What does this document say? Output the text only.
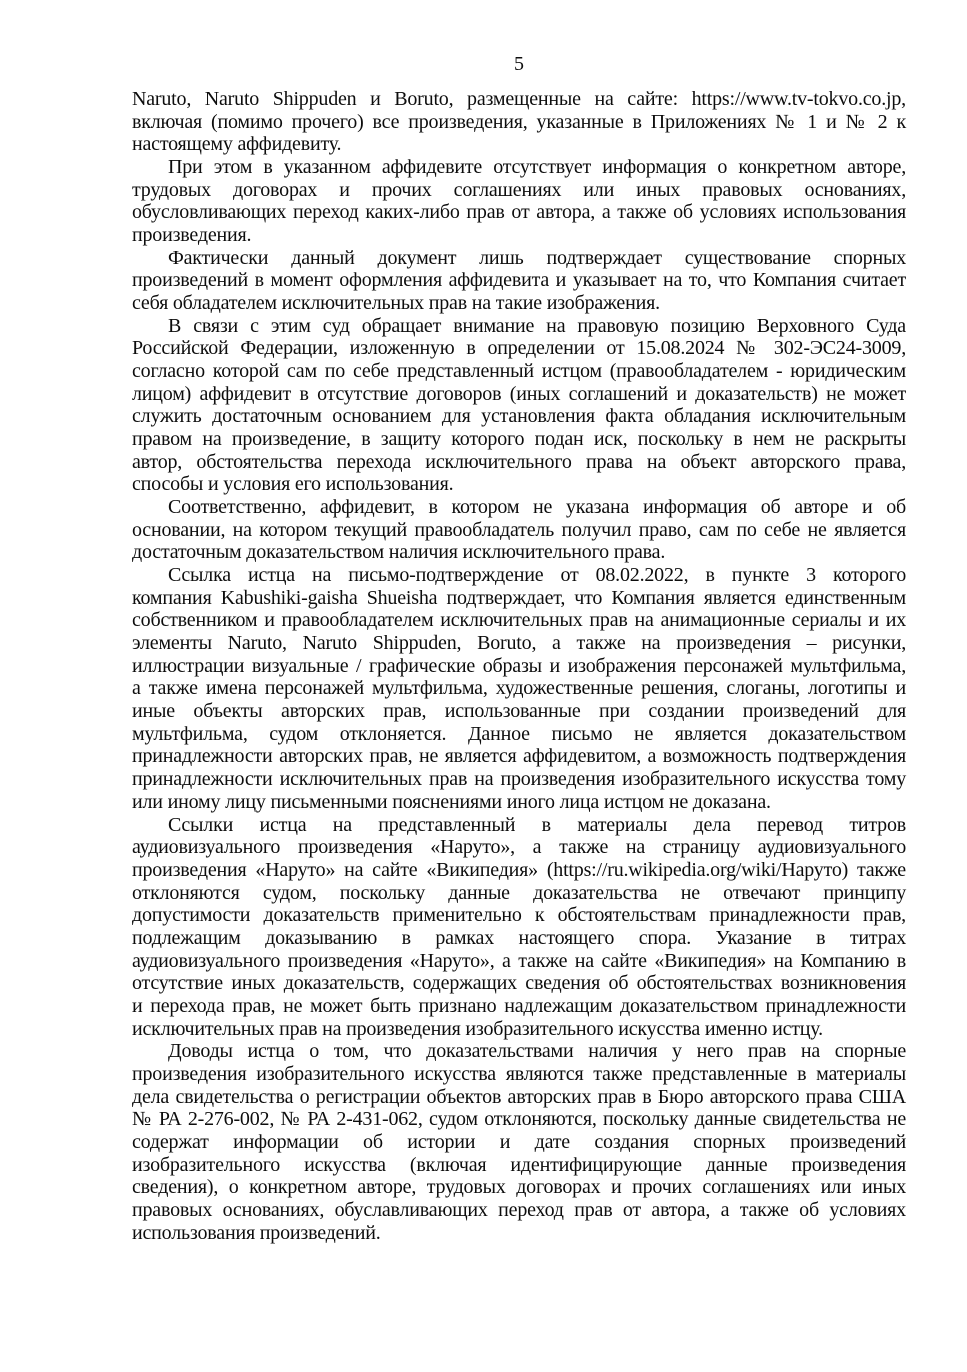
5
Naruto, Naruto Shippuden и Boruto, размещенные на сайте: https://www.tv-tokvo.co.jp,
включая (помимо прочего) все произведения, указанные в Приложениях № 1 и № 2 к
настоящему аффидевиту.
При этом в указанном аффидевите отсутствует информация о конкретном авторе,
трудовых договорах и прочих соглашениях или иных правовых основаниях,
обусловливающих переход каких-либо прав от автора, а также об условиях использования
произведения.
Фактически данный документ лишь подтверждает существование спорных
произведений в момент оформления аффидевита и указывает на то, что Компания считает
себя обладателем исключительных прав на такие изображения.
В связи с этим суд обращает внимание на правовую позицию Верховного Суда
Российской Федерации, изложенную в определении от 15.08.2024 № 302-ЭС24-3009,
согласно которой сам по себе представленный истцом (правообладателем - юридическим
лицом) аффидевит в отсутствие договоров (иных соглашений и доказательств) не может
служить достаточным основанием для установления факта обладания исключительным
правом на произведение, в защиту которого подан иск, поскольку в нем не раскрыты
автор, обстоятельства перехода исключительного права на объект авторского права,
способы и условия его использования.
Соответственно, аффидевит, в котором не указана информация об авторе и об
основании, на котором текущий правообладатель получил право, сам по себе не является
достаточным доказательством наличия исключительного права.
Ссылка истца на письмо-подтверждение от 08.02.2022, в пункте 3 которого
компания Kabushiki-gaisha Shueisha подтверждает, что Компания является единственным
собственником и правообладателем исключительных прав на анимационные сериалы и их
элементы Naruto, Naruto Shippuden, Boruto, а также на произведения – рисунки,
иллюстрации визуальные / графические образы и изображения персонажей мультфильма,
а также имена персонажей мультфильма, художественные решения, слоганы, логотипы и
иные объекты авторских прав, использованные при создании произведений для
мультфильма, судом отклоняется. Данное письмо не является доказательством
принадлежности авторских прав, не является аффидевитом, а возможность подтверждения
принадлежности исключительных прав на произведения изобразительного искусства тому
или иному лицу письменными пояснениями иного лица истцом не доказана.
Ссылки истца на представленный в материалы дела перевод титров
аудиовизуального произведения «Наруто», а также на страницу аудиовизуального
произведения «Наруто» на сайте «Википедия» (https://ru.wikipedia.org/wiki/Наруто) также
отклоняются судом, поскольку данные доказательства не отвечают принципу
допустимости доказательств применительно к обстоятельствам принадлежности прав,
подлежащим доказыванию в рамках настоящего спора. Указание в титрах
аудиовизуального произведения «Наруто», а также на сайте «Википедия» на Компанию в
отсутствие иных доказательств, содержащих сведения об обстоятельствах возникновения
и перехода прав, не может быть признано надлежащим доказательством принадлежности
исключительных прав на произведения изобразительного искусства именно истцу.
Доводы истца о том, что доказательствами наличия у него прав на спорные
произведения изобразительного искусства являются также представленные в материалы
дела свидетельства о регистрации объектов авторских прав в Бюро авторского права США
№ РА 2-276-002, № РА 2-431-062, судом отклоняются, поскольку данные свидетельства не
содержат информации об истории и дате создания спорных произведений
изобразительного искусства (включая идентифицирующие данные произведения
сведения), о конкретном авторе, трудовых договорах и прочих соглашениях или иных
правовых основаниях, обуславливающих переход прав от автора, а также об условиях
использования произведений.
